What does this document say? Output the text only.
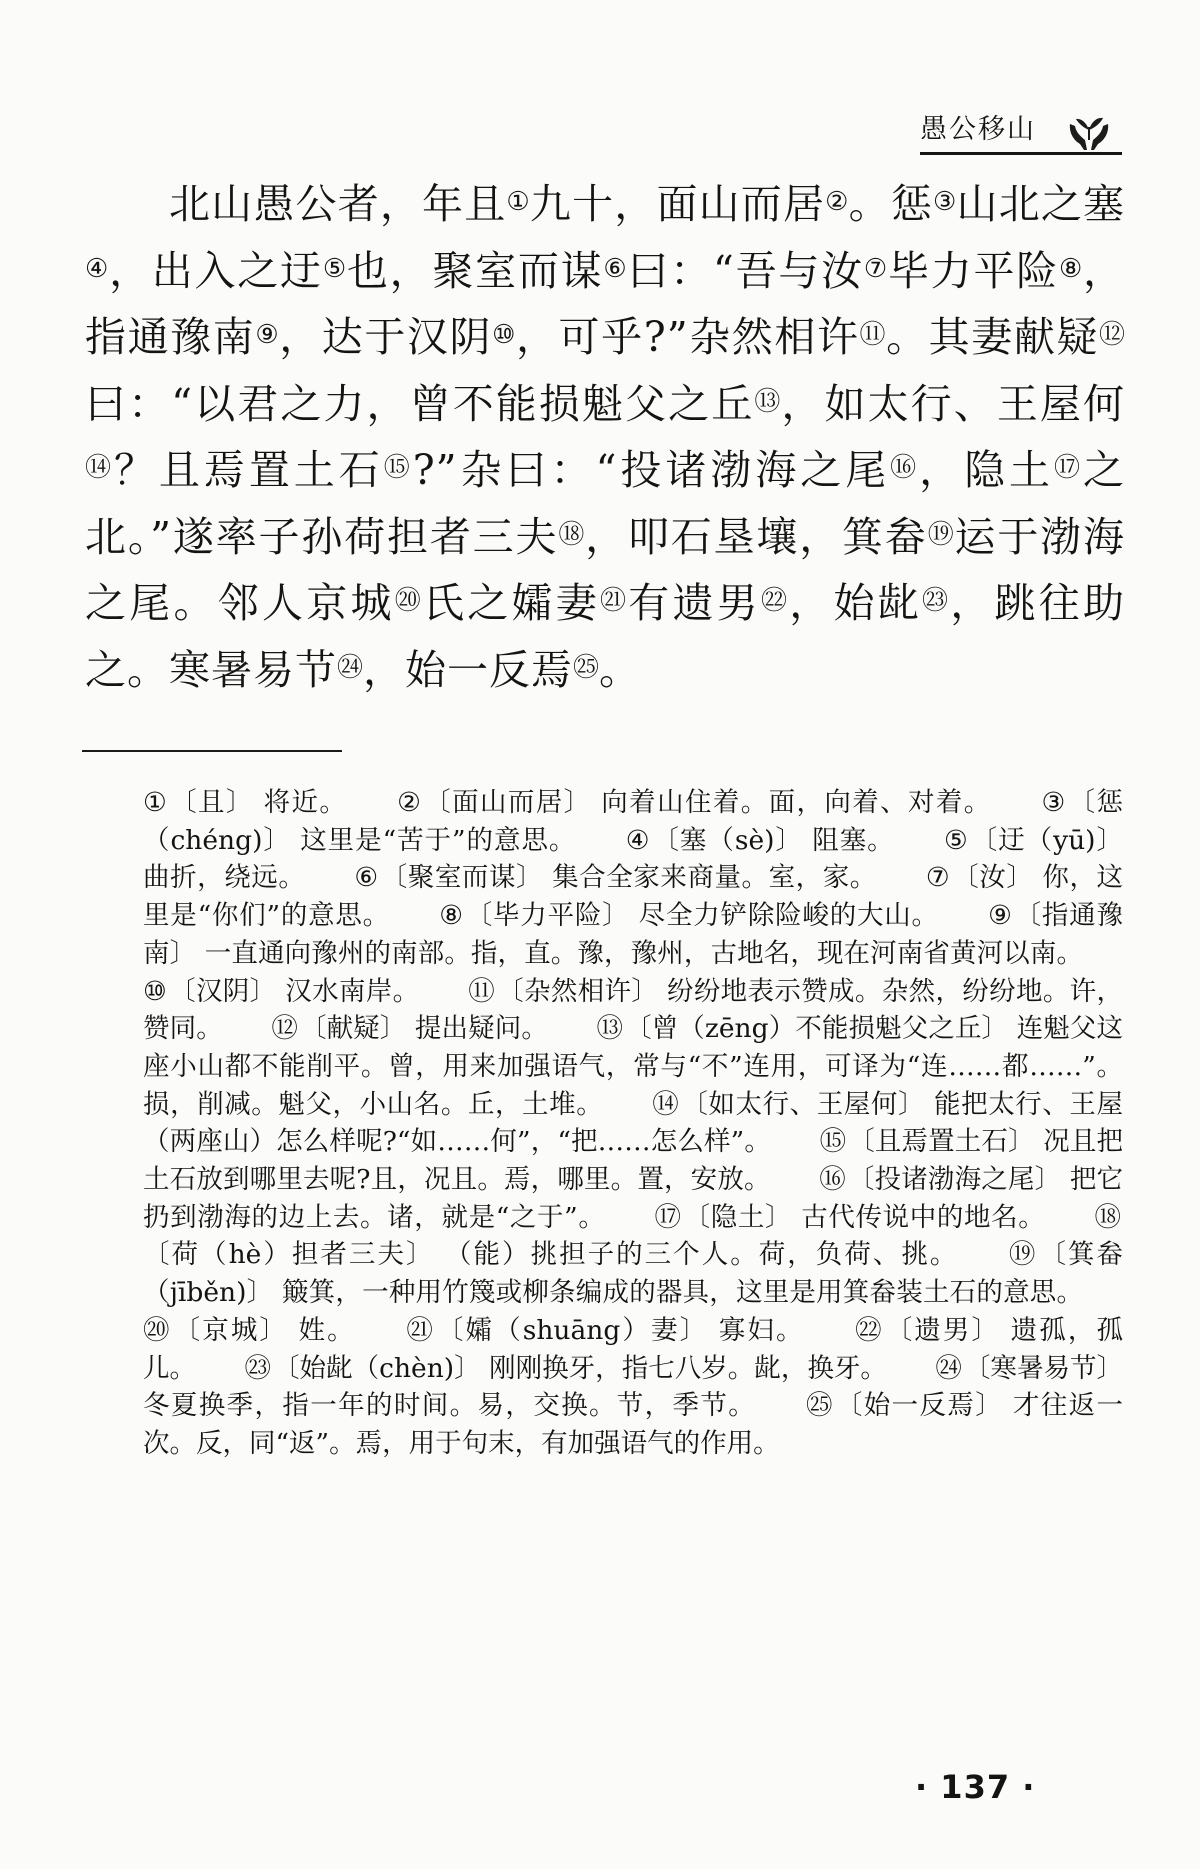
愚公移山

北山愚公者，年且①九十，面山而居②。惩③山北之塞④，出入之迂⑤也，聚室而谋⑥曰：“吾与汝⑦毕力平险⑧，指通豫南⑨，达于汉阴⑩，可乎?”杂然相许⑪。其妻献疑⑫曰：“以君之力，曾不能损魁父之丘⑬，如太行、王屋何⑭？且焉置土石⑮?”杂曰：“投诸渤海之尾⑯，隐土⑰之北。”遂率子孙荷担者三夫⑱，叩石垦壤，箕畚⑲运于渤海之尾。邻人京城⑳氏之孀妻㉑有遗男㉒，始龀㉓，跳往助之。寒暑易节㉔，始一反焉㉕。

①〔且〕 将近。 ②〔面山而居〕 向着山住着。面，向着、对着。 ③〔惩（chéng)〕 这里是“苦于”的意思。 ④〔塞（sè)〕 阻塞。 ⑤〔迂（yū)〕 曲折，绕远。 ⑥〔聚室而谋〕 集合全家来商量。室，家。 ⑦〔汝〕 你，这里是“你们”的意思。 ⑧〔毕力平险〕 尽全力铲除险峻的大山。 ⑨〔指通豫南〕 一直通向豫州的南部。指，直。豫，豫州，古地名，现在河南省黄河以南。 ⑩〔汉阴〕 汉水南岸。 ⑪〔杂然相许〕 纷纷地表示赞成。杂然，纷纷地。许，赞同。 ⑫〔献疑〕 提出疑问。 ⑬〔曾（zēng）不能损魁父之丘〕 连魁父这座小山都不能削平。曾，用来加强语气，常与“不”连用，可译为“连……都……”。损，削减。魁父，小山名。丘，土堆。 ⑭〔如太行、王屋何〕 能把太行、王屋（两座山）怎么样呢?“如……何”，“把……怎么样”。 ⑮〔且焉置土石〕 况且把土石放到哪里去呢?且，况且。焉，哪里。置，安放。 ⑯〔投诸渤海之尾〕 把它扔到渤海的边上去。诸，就是“之于”。 ⑰〔隐土〕 古代传说中的地名。 ⑱〔荷（hè）担者三夫〕 （能）挑担子的三个人。荷，负荷、挑。 ⑲〔箕畚（jīběn)〕 簸箕，一种用竹篾或柳条编成的器具，这里是用箕畚装土石的意思。 ⑳〔京城〕 姓。 ㉑〔孀（shuāng）妻〕 寡妇。 ㉒〔遗男〕 遗孤，孤儿。 ㉓〔始龀（chèn)〕 刚刚换牙，指七八岁。龀，换牙。 ㉔〔寒暑易节〕 冬夏换季，指一年的时间。易，交换。节，季节。 ㉕〔始一反焉〕 才往返一次。反，同“返”。焉，用于句末，有加强语气的作用。

· 137 ·
